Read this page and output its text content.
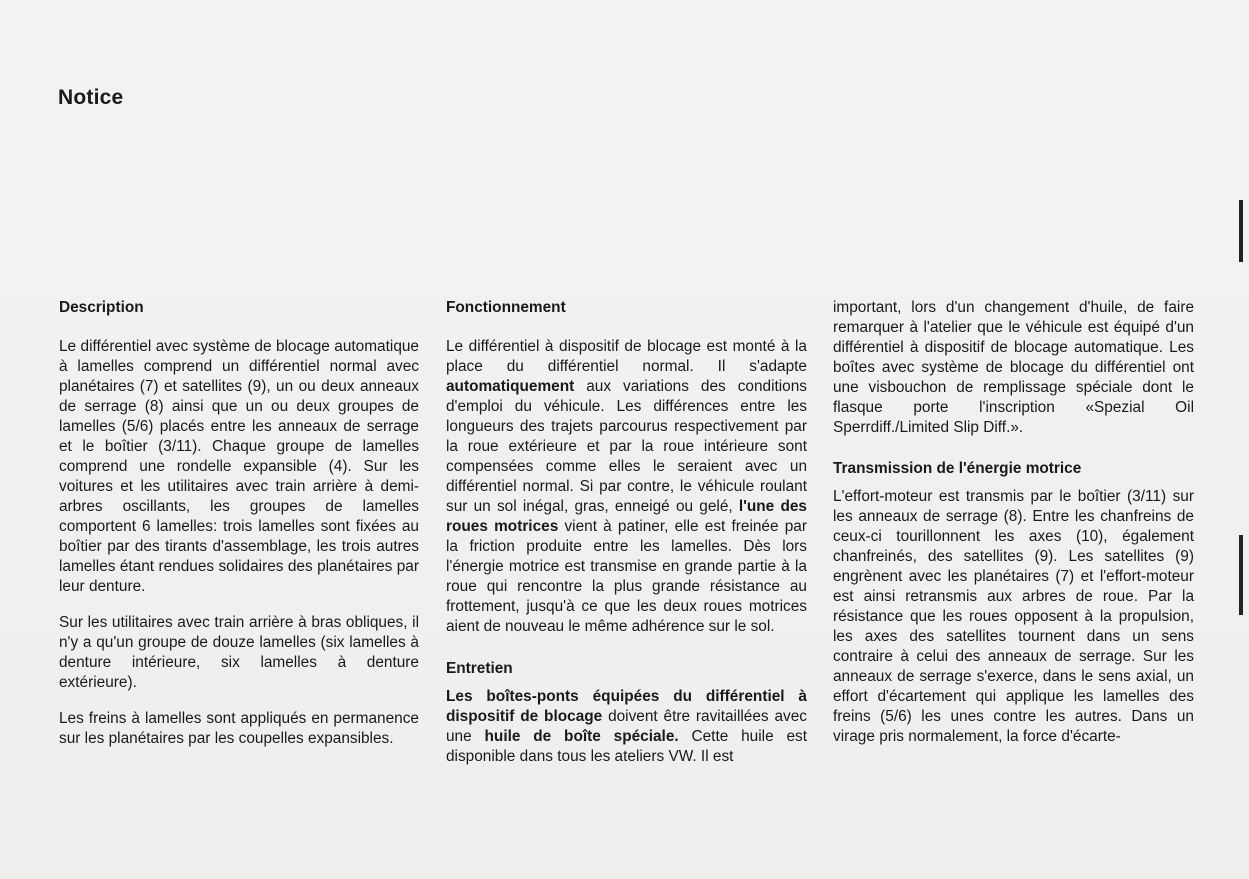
Notice
Description

Le différentiel avec système de blocage automatique à lamelles comprend un différentiel normal avec planétaires (7) et satellites (9), un ou deux anneaux de serrage (8) ainsi que un ou deux groupes de lamelles (5/6) placés entre les anneaux de serrage et le boîtier (3/11). Chaque groupe de lamelles comprend une rondelle expansible (4). Sur les voitures et les utilitaires avec train arrière à demi-arbres oscillants, les groupes de lamelles comportent 6 lamelles: trois lamelles sont fixées au boîtier par des tirants d'assemblage, les trois autres lamelles étant rendues solidaires des planétaires par leur denture.

Sur les utilitaires avec train arrière à bras obliques, il n'y a qu'un groupe de douze lamelles (six lamelles à denture intérieure, six lamelles à denture extérieure).

Les freins à lamelles sont appliqués en permanence sur les planétaires par les coupelles expansibles.

Fonctionnement

Le différentiel à dispositif de blocage est monté à la place du différentiel normal. Il s'adapte automatiquement aux variations des conditions d'emploi du véhicule. Les différences entre les longueurs des trajets parcourus respectivement par la roue extérieure et par la roue intérieure sont compensées comme elles le seraient avec un différentiel normal. Si par contre, le véhicule roulant sur un sol inégal, gras, enneigé ou gelé, l'une des roues motrices vient à patiner, elle est freinée par la friction produite entre les lamelles. Dès lors l'énergie motrice est transmise en grande partie à la roue qui rencontre la plus grande résistance au frottement, jusqu'à ce que les deux roues motrices aient de nouveau le même adhérence sur le sol.

Entretien

Les boîtes-ponts équipées du différentiel à dispositif de blocage doivent être ravitaillées avec une huile de boîte spéciale. Cette huile est disponible dans tous les ateliers VW. Il est

important, lors d'un changement d'huile, de faire remarquer à l'atelier que le véhicule est équipé d'un différentiel à dispositif de blocage automatique. Les boîtes avec système de blocage du différentiel ont une visbouchon de remplissage spéciale dont le flasque porte l'inscription «Spezial Oil Sperrdiff./Limited Slip Diff.».

Transmission de l'énergie motrice

L'effort-moteur est transmis par le boîtier (3/11) sur les anneaux de serrage (8). Entre les chanfreins de ceux-ci tourillonnent les axes (10), également chanfreinés, des satellites (9). Les satellites (9) engrènent avec les planétaires (7) et l'effort-moteur est ainsi retransmis aux arbres de roue. Par la résistance que les roues opposent à la propulsion, les axes des satellites tournent dans un sens contraire à celui des anneaux de serrage. Sur les anneaux de serrage s'exerce, dans le sens axial, un effort d'écartement qui applique les lamelles des freins (5/6) les unes contre les autres. Dans un virage pris normalement, la force d'écarte-
